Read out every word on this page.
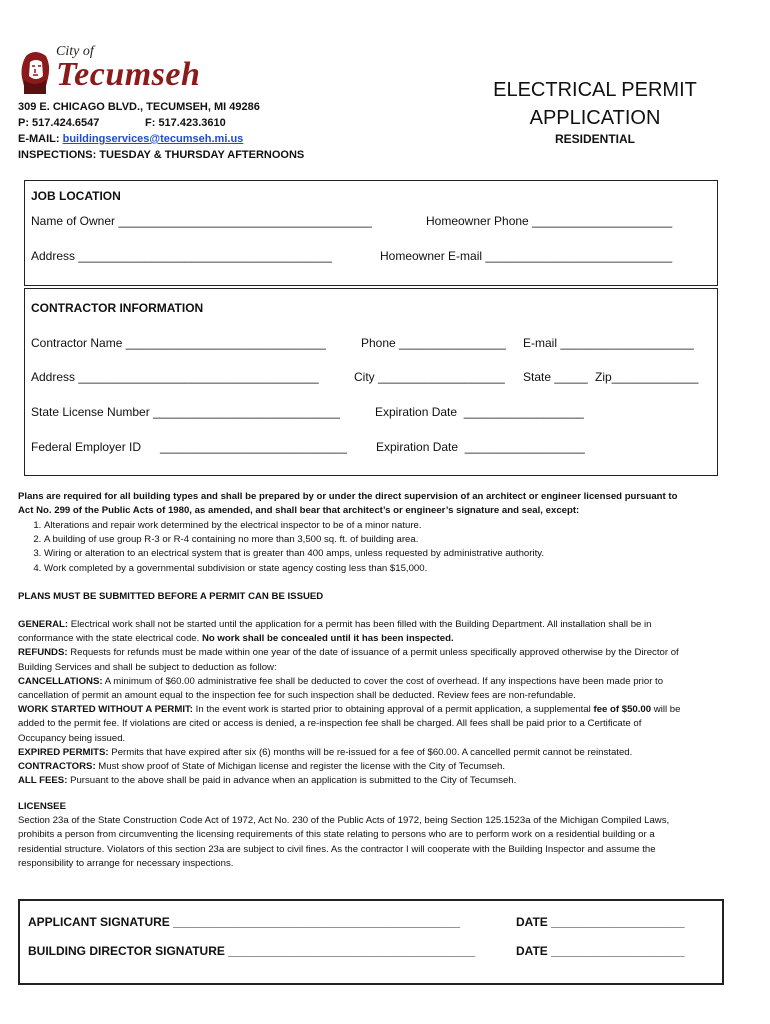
City of
Tecumseh
309 E. CHICAGO BLVD., TECUMSEH, MI 49286
P: 517.424.6547	F: 517.423.3610
E-MAIL: buildingservices@tecumseh.mi.us
INSPECTIONS: TUESDAY & THURSDAY AFTERNOONS
ELECTRICAL PERMIT
APPLICATION
RESIDENTIAL
JOB LOCATION
Name of Owner ______________________________________	Homeowner Phone _____________________
Address ______________________________________	Homeowner E-mail ____________________________
CONTRACTOR INFORMATION
Contractor Name ______________________________	Phone ________________ E-mail ____________________
Address ____________________________________	City ___________________ State _____ Zip_____________
State License Number ____________________________	Expiration Date  __________________
Federal Employer ID ____________________________ Expiration Date  __________________
Plans are required for all building types and shall be prepared by or under the direct supervision of an architect or engineer licensed pursuant to
Act No. 299 of the Public Acts of 1980, as amended, and shall bear that architect’s or engineer’s signature and seal, except:
1. Alterations and repair work determined by the electrical inspector to be of a minor nature.
2. A building of use group R-3 or R-4 containing no more than 3,500 sq. ft. of building area.
3. Wiring or alteration to an electrical system that is greater than 400 amps, unless requested by administrative authority.
4. Work completed by a governmental subdivision or state agency costing less than $15,000.
PLANS MUST BE SUBMITTED BEFORE A PERMIT CAN BE ISSUED
GENERAL: Electrical work shall not be started until the application for a permit has been filled with the Building Department. All installation shall be in
conformance with the state electrical code. No work shall be concealed until it has been inspected.
REFUNDS: Requests for refunds must be made within one year of the date of issuance of a permit unless specifically approved otherwise by the Director of
Building Services and shall be subject to deduction as follow:
CANCELLATIONS: A minimum of $60.00 administrative fee shall be deducted to cover the cost of overhead. If any inspections have been made prior to
cancellation of permit an amount equal to the inspection fee for such inspection shall be deducted. Review fees are non-refundable.
WORK STARTED WITHOUT A PERMIT: In the event work is started prior to obtaining approval of a permit application, a supplemental fee of $50.00 will be
added to the permit fee. If violations are cited or access is denied, a re-inspection fee shall be charged. All fees shall be paid prior to a Certificate of
Occupancy being issued.
EXPIRED PERMITS: Permits that have expired after six (6) months will be re-issued for a fee of $60.00. A cancelled permit cannot be reinstated.
CONTRACTORS: Must show proof of State of Michigan license and register the license with the City of Tecumseh.
ALL FEES: Pursuant to the above shall be paid in advance when an application is submitted to the City of Tecumseh.
LICENSEE
Section 23a of the State Construction Code Act of 1972, Act No. 230 of the Public Acts of 1972, being Section 125.1523a of the Michigan Compiled Laws,
prohibits a person from circumventing the licensing requirements of this state relating to persons who are to perform work on a residential building or a
residential structure. Violators of this section 23a are subject to civil fines. As the contractor I will cooperate with the Building Inspector and assume the
responsibility to arrange for necessary inspections.
APPLICANT SIGNATURE ___________________________________________	DATE ____________________
BUILDING DIRECTOR SIGNATURE _____________________________________	DATE ____________________
